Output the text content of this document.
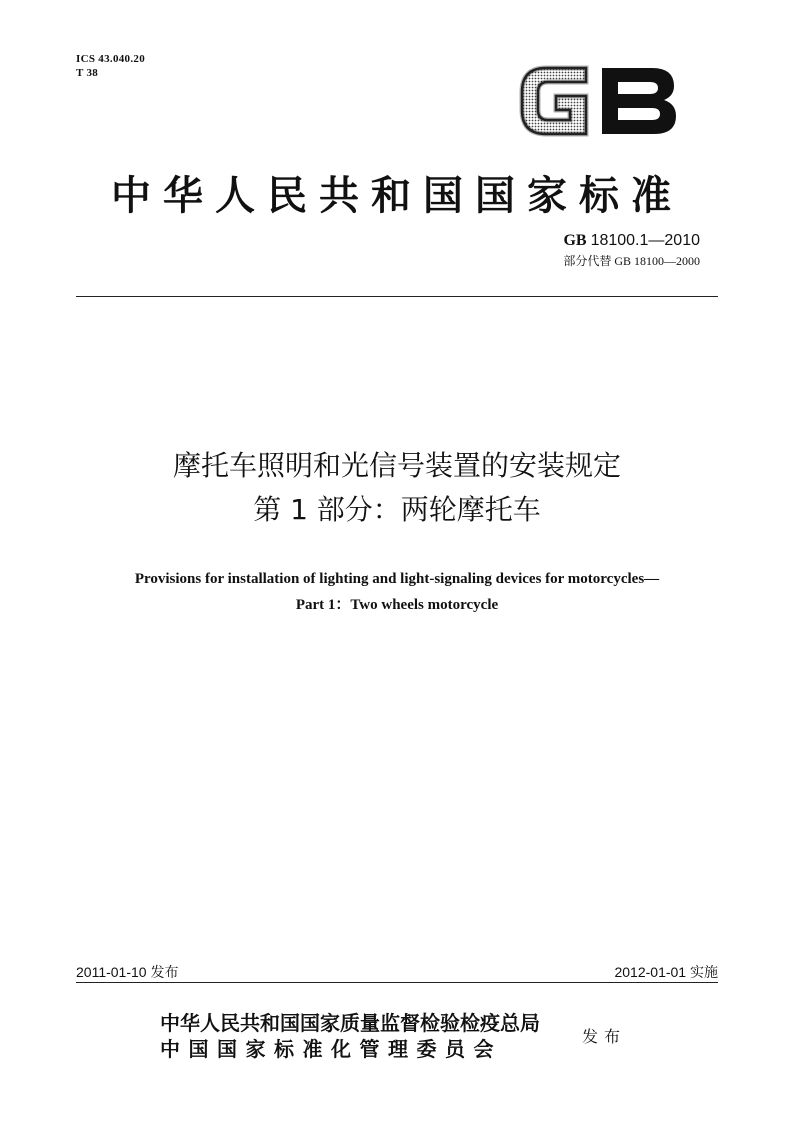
ICS 43.040.20
T 38
GB
中华人民共和国国家标准
GB 18100.1—2010
部分代替 GB 18100—2000
摩托车照明和光信号装置的安装规定
第 1 部分：两轮摩托车
Provisions for installation of lighting and light-signaling devices for motorcycles—
Part 1：Two wheels motorcycle
2011-01-10 发布	2012-01-01 实施
中华人民共和国国家质量监督检验检疫总局
中国国家标准化管理委员会
发布
